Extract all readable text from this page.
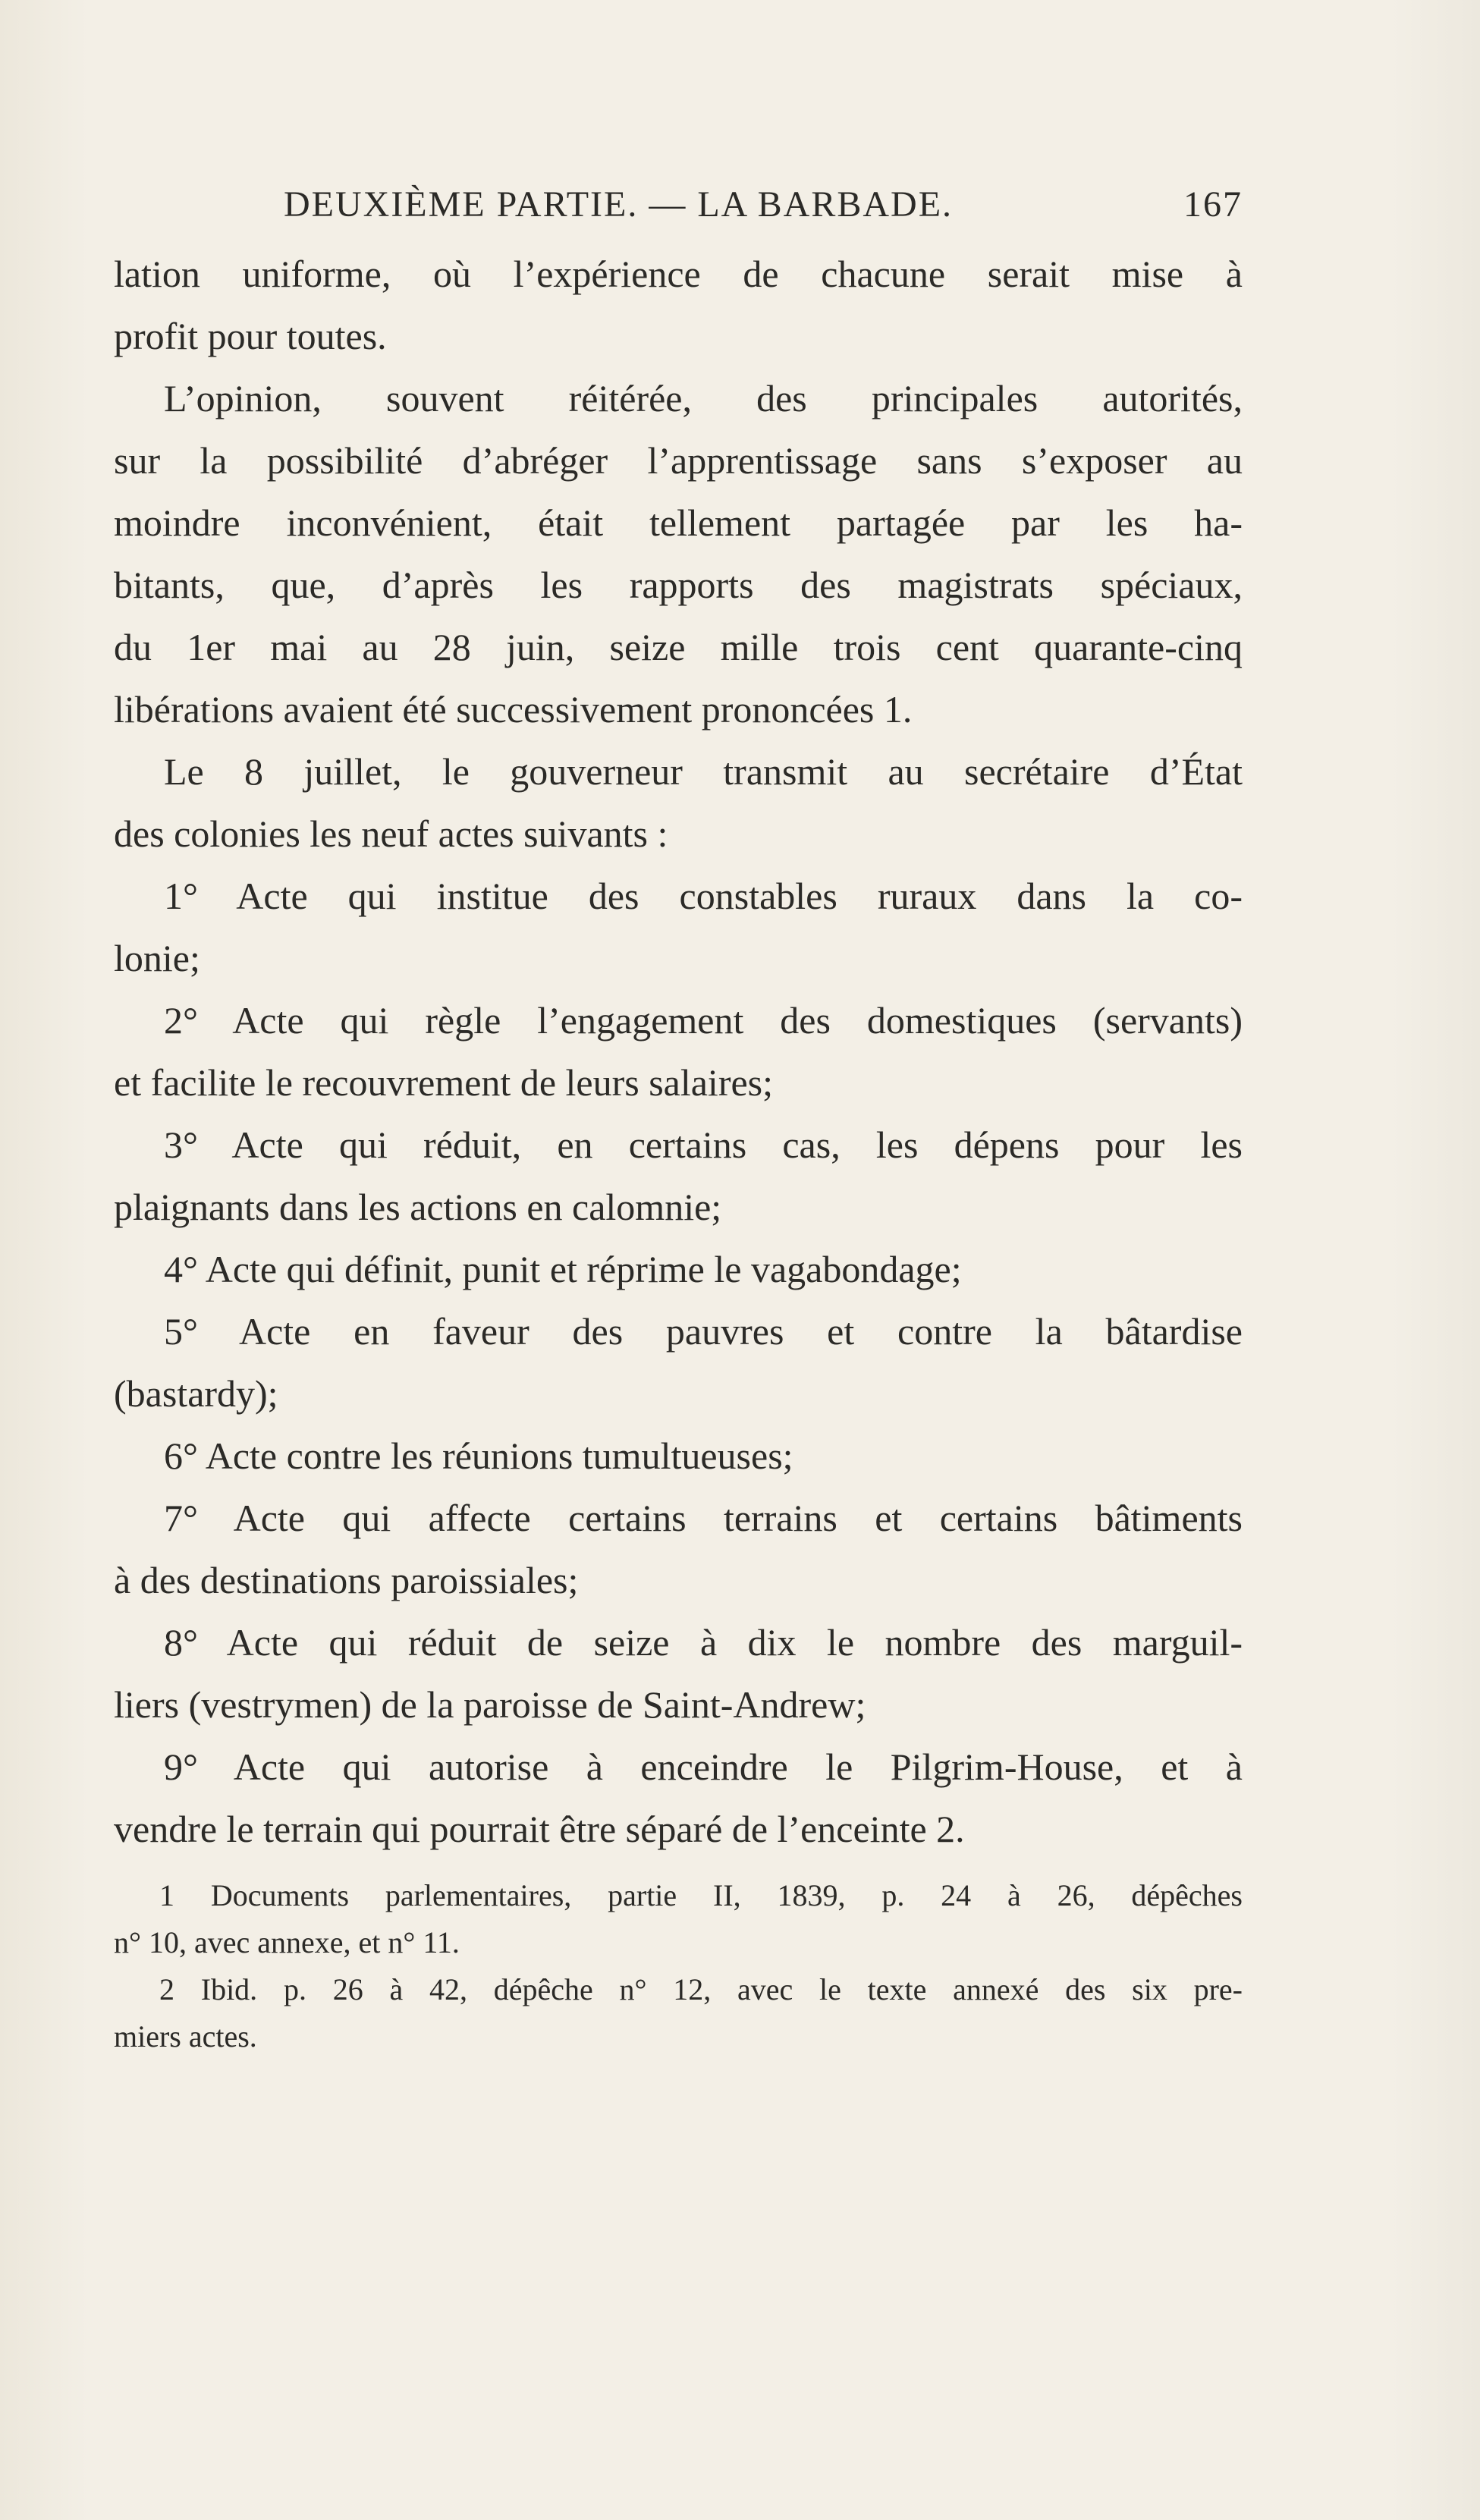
DEUXIÈME PARTIE. — LA BARBADE.	167
lation uniforme, où l’expérience de chacune serait mise à
profit pour toutes.
L’opinion, souvent réitérée, des principales autorités,
sur la possibilité d’abréger l’apprentissage sans s’exposer au
moindre inconvénient, était tellement partagée par les ha-
bitants, que, d’après les rapports des magistrats spéciaux,
du 1er mai au 28 juin, seize mille trois cent quarante-cinq
libérations avaient été successivement prononcées 1.
Le 8 juillet, le gouverneur transmit au secrétaire d’État
des colonies les neuf actes suivants :
1° Acte qui institue des constables ruraux dans la co-
lonie;
2° Acte qui règle l’engagement des domestiques (servants)
et facilite le recouvrement de leurs salaires;
3° Acte qui réduit, en certains cas, les dépens pour les
plaignants dans les actions en calomnie;
4° Acte qui définit, punit et réprime le vagabondage;
5° Acte en faveur des pauvres et contre la bâtardise
(bastardy);
6° Acte contre les réunions tumultueuses;
7° Acte qui affecte certains terrains et certains bâtiments
à des destinations paroissiales;
8° Acte qui réduit de seize à dix le nombre des marguil-
liers (vestrymen) de la paroisse de Saint-Andrew;
9° Acte qui autorise à enceindre le Pilgrim-House, et à
vendre le terrain qui pourrait être séparé de l’enceinte 2.
1 Documents parlementaires, partie II, 1839, p. 24 à 26, dépêches
n° 10, avec annexe, et n° 11.
2 Ibid. p. 26 à 42, dépêche n° 12, avec le texte annexé des six pre-
miers actes.
